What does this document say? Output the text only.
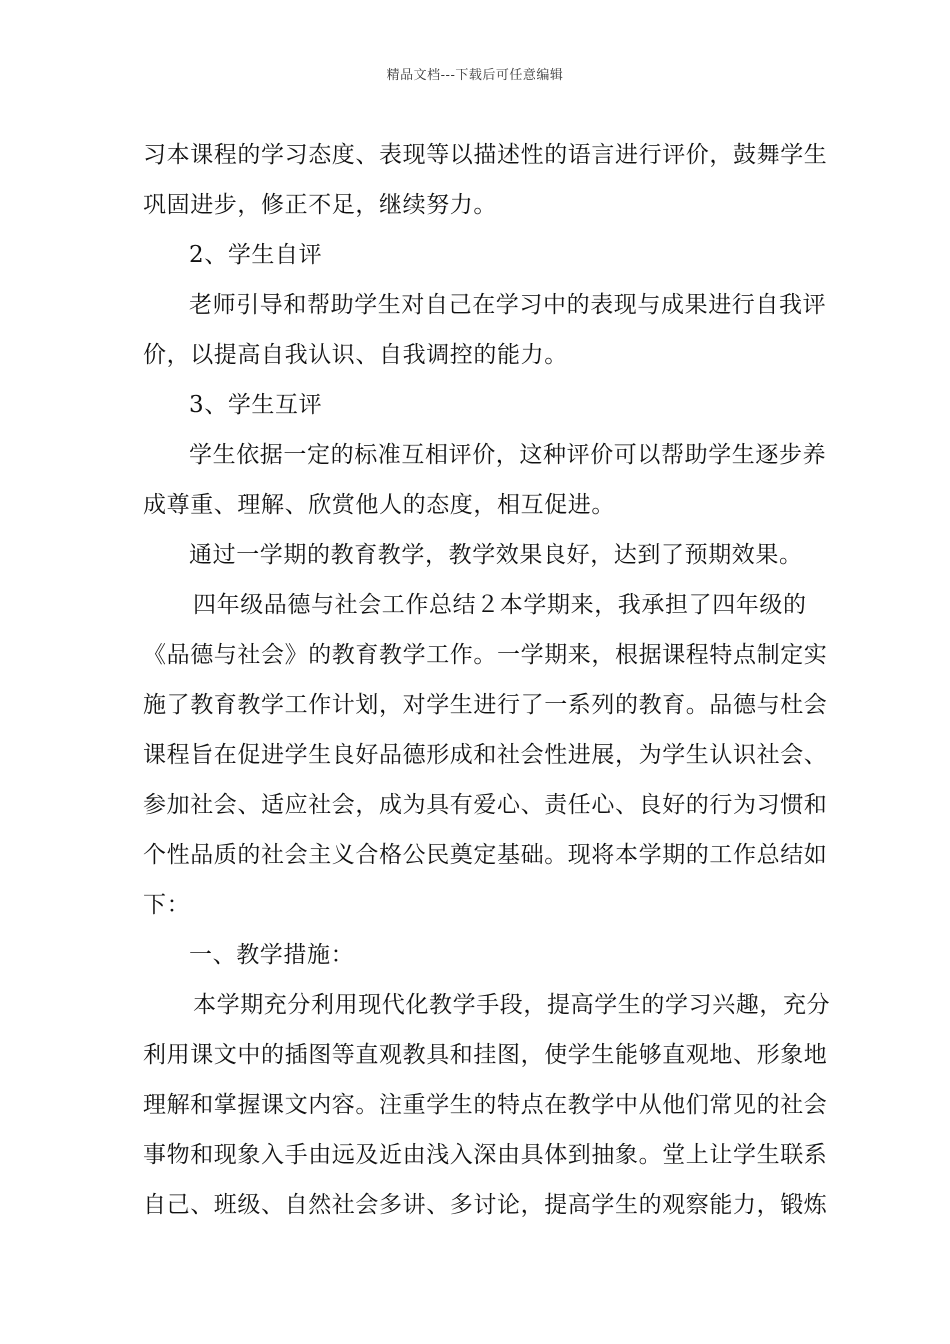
精品文档---下载后可任意编辑
习本课程的学习态度、表现等以描述性的语言进行评价，鼓舞学生
巩固进步，修正不足，继续努力。
2、学生自评
老师引导和帮助学生对自己在学习中的表现与成果进行自我评
价，以提高自我认识、自我调控的能力。
3、学生互评
学生依据一定的标准互相评价，这种评价可以帮助学生逐步养
成尊重、理解、欣赏他人的态度，相互促进。
通过一学期的教育教学，教学效果良好，达到了预期效果。
四年级品德与社会工作总结２本学期来，我承担了四年级的
《品德与社会》的教育教学工作。一学期来，根据课程特点制定实
施了教育教学工作计划，对学生进行了一系列的教育。品德与杜会
课程旨在促进学生良好品德形成和社会性进展，为学生认识社会、
参加社会、适应社会，成为具有爱心、责任心、良好的行为习惯和
个性品质的社会主义合格公民奠定基础。现将本学期的工作总结如
下：
一、教学措施：
本学期充分利用现代化教学手段，提高学生的学习兴趣，充分
利用课文中的插图等直观教具和挂图，使学生能够直观地、形象地
理解和掌握课文内容。注重学生的特点在教学中从他们常见的社会
事物和现象入手由远及近由浅入深由具体到抽象。堂上让学生联系
自己、班级、自然社会多讲、多讨论，提高学生的观察能力，锻炼
